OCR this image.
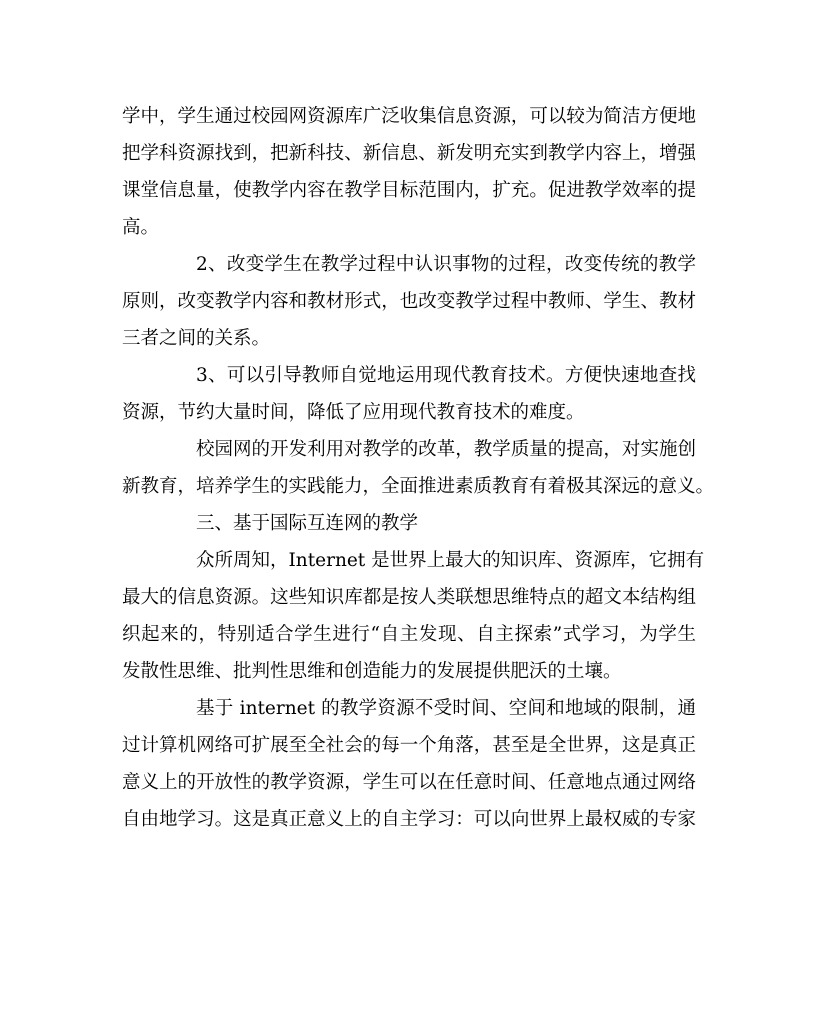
学中，学生通过校园网资源库广泛收集信息资源，可以较为简洁方便地
把学科资源找到，把新科技、新信息、新发明充实到教学内容上，增强
课堂信息量，使教学内容在教学目标范围内，扩充。促进教学效率的提
高。
2、改变学生在教学过程中认识事物的过程，改变传统的教学
原则，改变教学内容和教材形式，也改变教学过程中教师、学生、教材
三者之间的关系。
3、可以引导教师自觉地运用现代教育技术。方便快速地查找
资源，节约大量时间，降低了应用现代教育技术的难度。
校园网的开发利用对教学的改革，教学质量的提高，对实施创
新教育，培养学生的实践能力，全面推进素质教育有着极其深远的意义。
三、基于国际互连网的教学
众所周知，Internet 是世界上最大的知识库、资源库，它拥有
最大的信息资源。这些知识库都是按人类联想思维特点的超文本结构组
织起来的，特别适合学生进行“自主发现、自主探索”式学习，为学生
发散性思维、批判性思维和创造能力的发展提供肥沃的土壤。
基于 internet 的教学资源不受时间、空间和地域的限制，通
过计算机网络可扩展至全社会的每一个角落，甚至是全世界，这是真正
意义上的开放性的教学资源，学生可以在任意时间、任意地点通过网络
自由地学习。这是真正意义上的自主学习：可以向世界上最权威的专家
